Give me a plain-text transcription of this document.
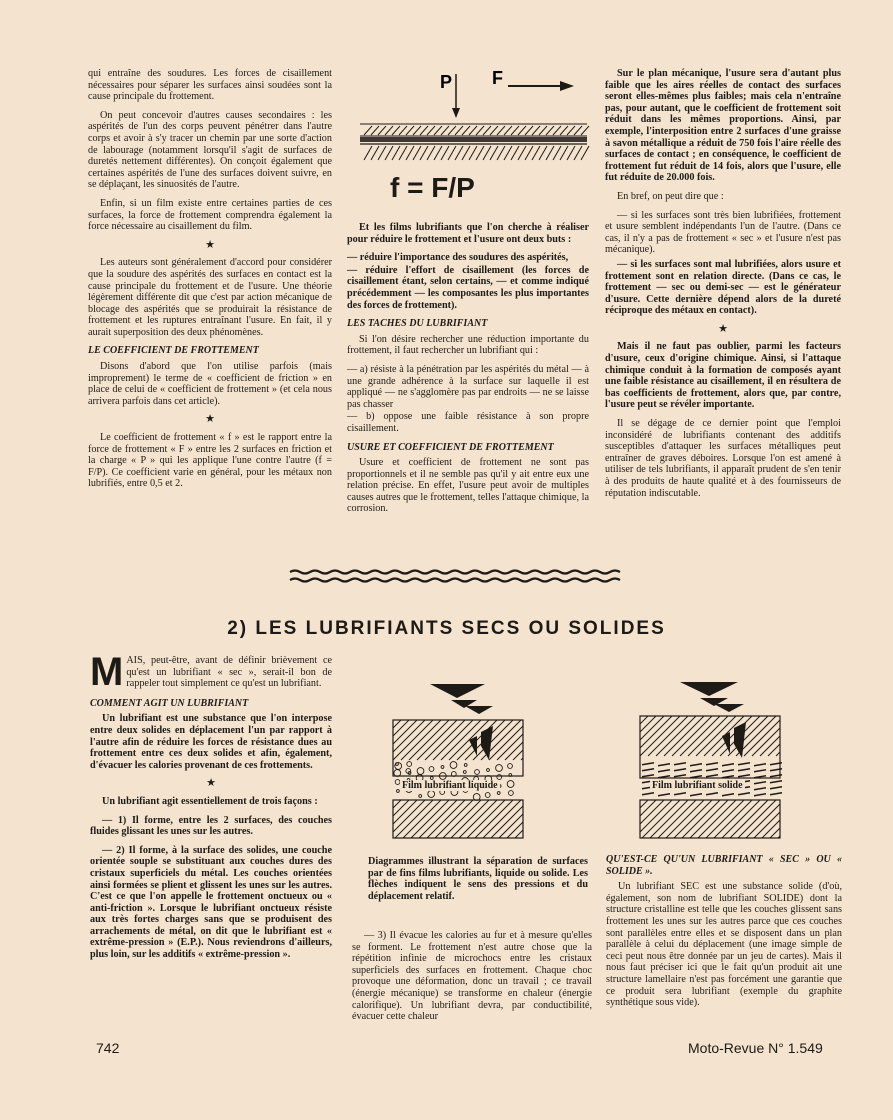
qui entraîne des soudures. Les forces de cisaillement nécessaires pour séparer les surfaces ainsi soudées sont la cause principale du frottement.

On peut concevoir d'autres causes secondaires : les aspérités de l'un des corps peuvent pénétrer dans l'autre corps et avoir à s'y tracer un chemin par une sorte d'action de labourage (notamment lorsqu'il s'agit de surfaces de duretés nettement différentes). On conçoit également que certaines aspérités de l'une des surfaces doivent suivre, en se déplaçant, les sinuosités de l'autre.

Enfin, si un film existe entre certaines parties de ces surfaces, la force de frottement comprendra également la force nécessaire au cisaillement du film.

★

Les auteurs sont généralement d'accord pour considérer que la soudure des aspérités des surfaces en contact est la cause principale du frottement et de l'usure. Une théorie légèrement différente dit que c'est par action mécanique de blocage des aspérités que se produirait la résistance de frottement et les ruptures entraînant l'usure. En fait, il y aurait superposition des deux phénomènes.

LE COEFFICIENT DE FROTTEMENT

Disons d'abord que l'on utilise parfois (mais improprement) le terme de « coefficient de friction » en place de celui de « coefficient de frottement » (et cela nous arrivera parfois dans cet article).

★

Le coefficient de frottement « f » est le rapport entre la force de frottement « F » entre les 2 surfaces en friction et la charge « P » qui les applique l'une contre l'autre (f = F/P). Ce coefficient varie en général, pour les métaux non lubrifiés, entre 0,5 et 2.

P F
f = F/P

Et les films lubrifiants que l'on cherche à réaliser pour réduire le frottement et l'usure ont deux buts :

— réduire l'importance des soudures des aspérités,

— réduire l'effort de cisaillement (les forces de cisaillement étant, selon certains, — et comme indiqué précédemment — les composantes les plus importantes des forces de frottement).

LES TACHES DU LUBRIFIANT

Si l'on désire rechercher une réduction importante du frottement, il faut rechercher un lubrifiant qui :

— a) résiste à la pénétration par les aspérités du métal — à une grande adhérence à la surface sur laquelle il est appliqué — ne s'agglomère pas par endroits — ne se laisse pas chasser

— b) oppose une faible résistance à son propre cisaillement.

USURE ET COEFFICIENT DE FROTTEMENT

Usure et coefficient de frottement ne sont pas proportionnels et il ne semble pas qu'il y ait entre eux une relation précise. En effet, l'usure peut avoir de multiples causes autres que le frottement, telles l'attaque chimique, la corrosion.

Sur le plan mécanique, l'usure sera d'autant plus faible que les aires réelles de contact des surfaces seront elles-mêmes plus faibles; mais cela n'entraîne pas, pour autant, que le coefficient de frottement soit réduit dans les mêmes proportions. Ainsi, par exemple, l'interposition entre 2 surfaces d'une graisse à savon métallique a réduit de 750 fois l'aire réelle des surfaces de contact ; en conséquence, le coefficient de frottement fut réduit de 14 fois, alors que l'usure, elle fut réduite de 20.000 fois.

En bref, on peut dire que :

— si les surfaces sont très bien lubrifiées, frottement et usure semblent indépendants l'un de l'autre. (Dans ce cas, il n'y a pas de frottement « sec » et l'usure n'est pas mécanique).

— si les surfaces sont mal lubrifiées, alors usure et frottement sont en relation directe. (Dans ce cas, le frottement — sec ou demi-sec — est le générateur d'usure. Cette dernière dépend alors de la dureté réciproque des métaux en contact).

★

Mais il ne faut pas oublier, parmi les facteurs d'usure, ceux d'origine chimique. Ainsi, si l'attaque chimique conduit à la formation de composés ayant une faible résistance au cisaillement, il en résultera de bas coefficients de frottement, alors que, par contre, l'usure peut se révéler importante.

Il se dégage de ce dernier point que l'emploi inconsidéré de lubrifiants contenant des additifs susceptibles d'attaquer les surfaces métalliques peut entraîner de graves déboires. Lorsque l'on est amené à utiliser de tels lubrifiants, il apparaît prudent de s'en tenir à des produits de haute qualité et à des fournisseurs de réputation indiscutable.

2) LES LUBRIFIANTS SECS OU SOLIDES

MAIS, peut-être, avant de définir brièvement ce qu'est un lubrifiant « sec », serait-il bon de rappeler tout simplement ce qu'est un lubrifiant.

COMMENT AGIT UN LUBRIFIANT

Un lubrifiant est une substance que l'on interpose entre deux solides en déplacement l'un par rapport à l'autre afin de réduire les forces de résistance dues au frottement entre ces deux solides et afin, également, d'évacuer les calories provenant de ces frottements.

★

Un lubrifiant agit essentiellement de trois façons :

— 1) Il forme, entre les 2 surfaces, des couches fluides glissant les unes sur les autres.

— 2) Il forme, à la surface des solides, une couche orientée souple se substituant aux couches dures des cristaux superficiels du métal. Les couches orientées ainsi formées se plient et glissent les unes sur les autres. C'est ce que l'on appelle le frottement onctueux ou « anti-friction ». Lorsque le lubrifiant onctueux résiste aux très fortes charges sans que se produisent des arrachements de métal, on dit que le lubrifiant est « extrême-pression » (E.P.). Nous reviendrons d'ailleurs, plus loin, sur les additifs « extrême-pression ».

Film lubrifiant liquide	Film lubrifiant solide
Diagrammes illustrant la séparation de surfaces par de fins films lubrifiants, liquide ou solide. Les flèches indiquent le sens des pressions et du déplacement relatif.

— 3) Il évacue les calories au fur et à mesure qu'elles se forment. Le frottement n'est autre chose que la répétition infinie de microchocs entre les cristaux superficiels des surfaces en frottement. Chaque choc provoque une déformation, donc un travail ; ce travail (énergie mécanique) se transforme en chaleur (énergie calorifique). Un lubrifiant devra, par conductibilité, évacuer cette chaleur

QU'EST-CE QU'UN LUBRIFIANT « SEC » OU « SOLIDE ».

Un lubrifiant SEC est une substance solide (d'où, également, son nom de lubrifiant SOLIDE) dont la structure cristalline est telle que les couches glissent sans frottement les unes sur les autres parce que ces couches sont parallèles entre elles et se disposent dans un plan parallèle à celui du déplacement (une image simple de ceci peut nous être donnée par un jeu de cartes). Mais il nous faut préciser ici que le fait qu'un produit ait une structure lamellaire n'est pas forcément une garantie que ce produit sera lubrifiant (exemple du graphite synthétique sous vide).

742	Moto-Revue N° 1.549
